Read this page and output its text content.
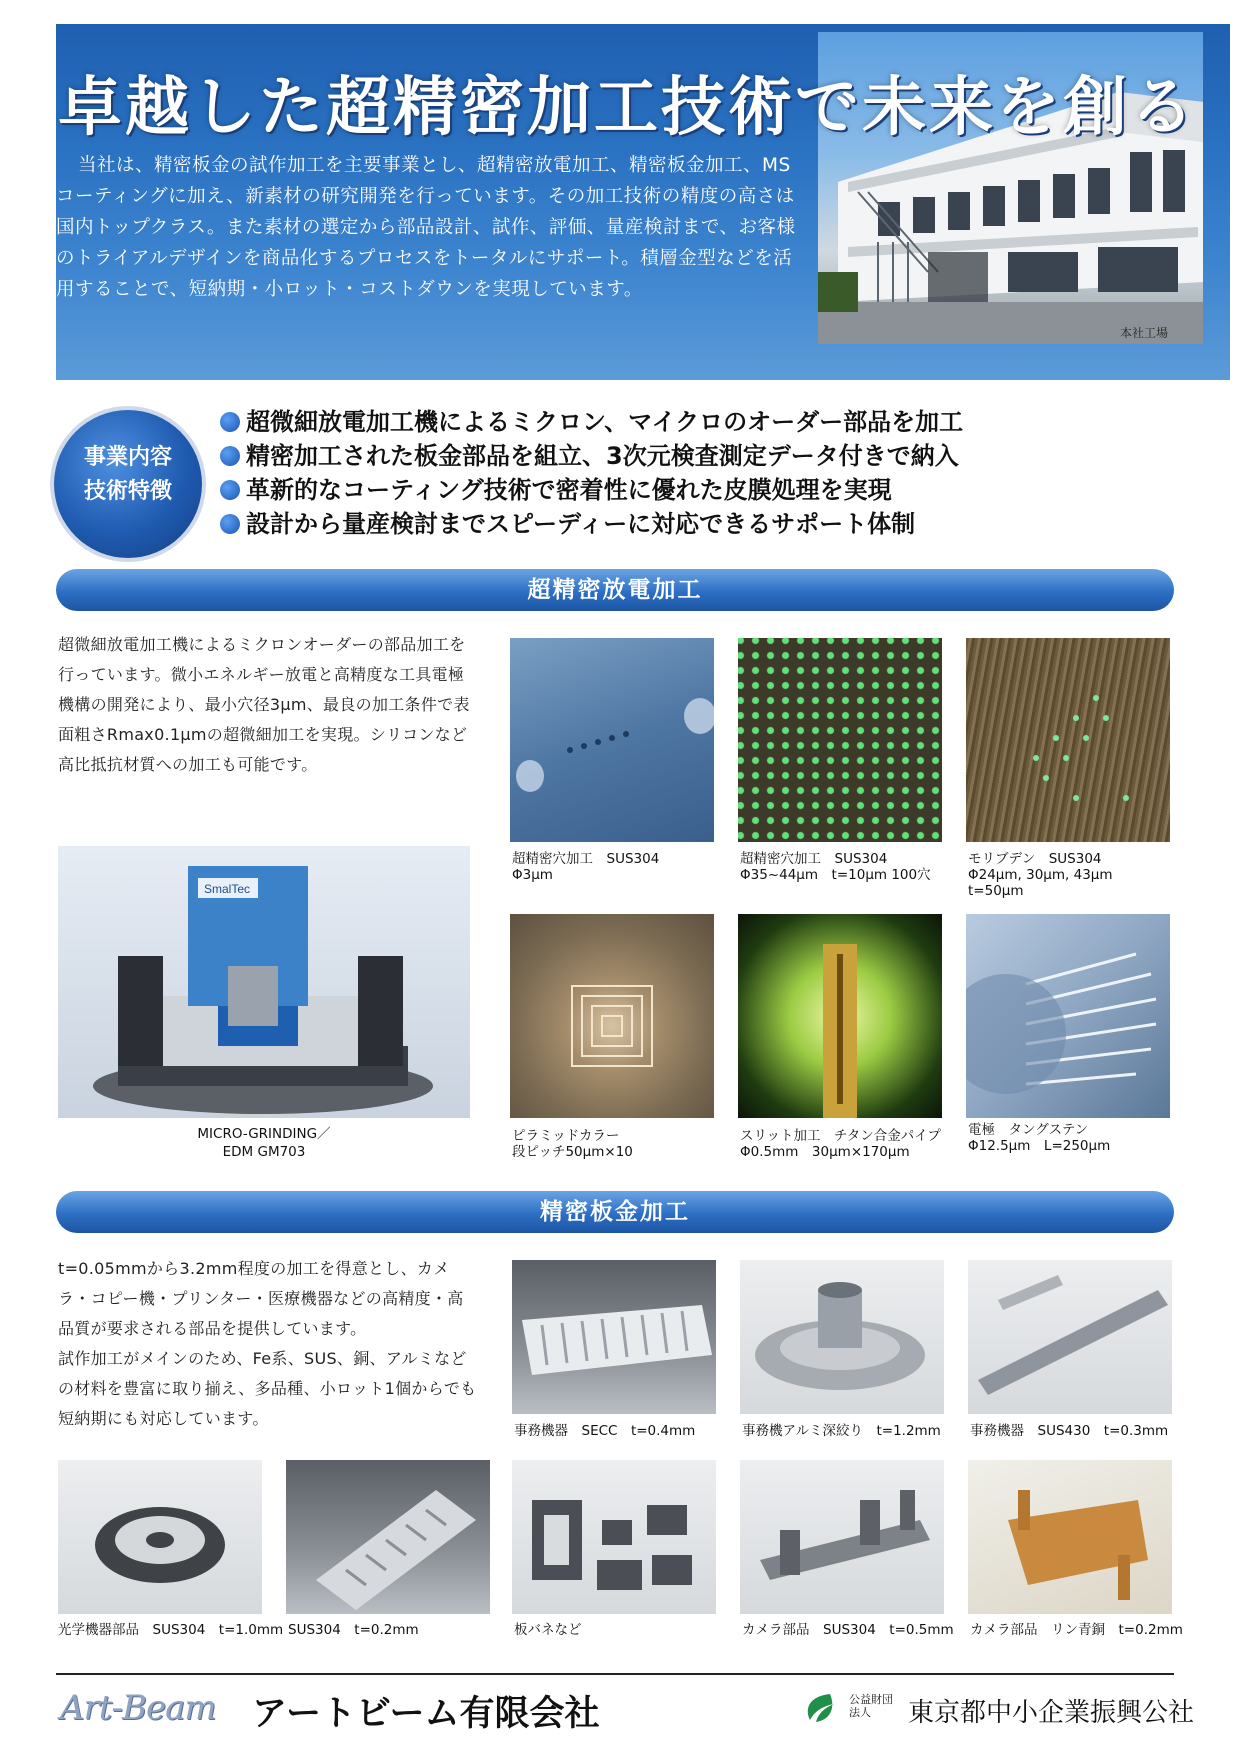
本社工場
卓越した超精密加工技術で未来を創る
当社は、精密板金の試作加工を主要事業とし、超精密放電加工、精密板金加工、MSコーティングに加え、新素材の研究開発を行っています。その加工技術の精度の高さは国内トップクラス。また素材の選定から部品設計、試作、評価、量産検討まで、お客様のトライアルデザインを商品化するプロセスをトータルにサポート。積層金型などを活用することで、短納期・小ロット・コストダウンを実現しています。
事業内容
技術特徴
超微細放電加工機によるミクロン、マイクロのオーダー部品を加工
精密加工された板金部品を組立、3次元検査測定データ付きで納入
革新的なコーティング技術で密着性に優れた皮膜処理を実現
設計から量産検討までスピーディーに対応できるサポート体制
超精密放電加工
超微細放電加工機によるミクロンオーダーの部品加工を行っています。微小エネルギー放電と高精度な工具電極機構の開発により、最小穴径3μm、最良の加工条件で表面粗さRmax0.1μmの超微細加工を実現。シリコンなど高比抵抗材質への加工も可能です。
SmalTec
MICRO-GRINDING／
EDM GM703
超精密穴加工　SUS304
Φ3μm
超精密穴加工　SUS304
Φ35~44μm　t=10μm 100穴
モリブデン　SUS304
Φ24μm, 30μm, 43μm
t=50μm
ピラミッドカラー
段ピッチ50μm×10
スリット加工　チタン合金パイプ
Φ0.5mm　30μm×170μm
電極　タングステン
Φ12.5μm　L=250μm
精密板金加工
t=0.05mmから3.2mm程度の加工を得意とし、カメラ・コピー機・プリンター・医療機器などの高精度・高品質が要求される部品を提供しています。
試作加工がメインのため、Fe系、SUS、銅、アルミなどの材料を豊富に取り揃え、多品種、小ロット1個からでも短納期にも対応しています。
事務機器　SECC　t=0.4mm	事務機アルミ深絞り　t=1.2mm 事務機器　SUS430　t=0.3mm
光学機器部品　SUS304　t=1.0mm SUS304　t=0.2mm	板バネなど	カメラ部品　SUS304　t=0.5mm カメラ部品　リン青銅　t=0.2mm
Art-Beam アートビーム有限会社	公益財団法人	東京都中小企業振興公社
